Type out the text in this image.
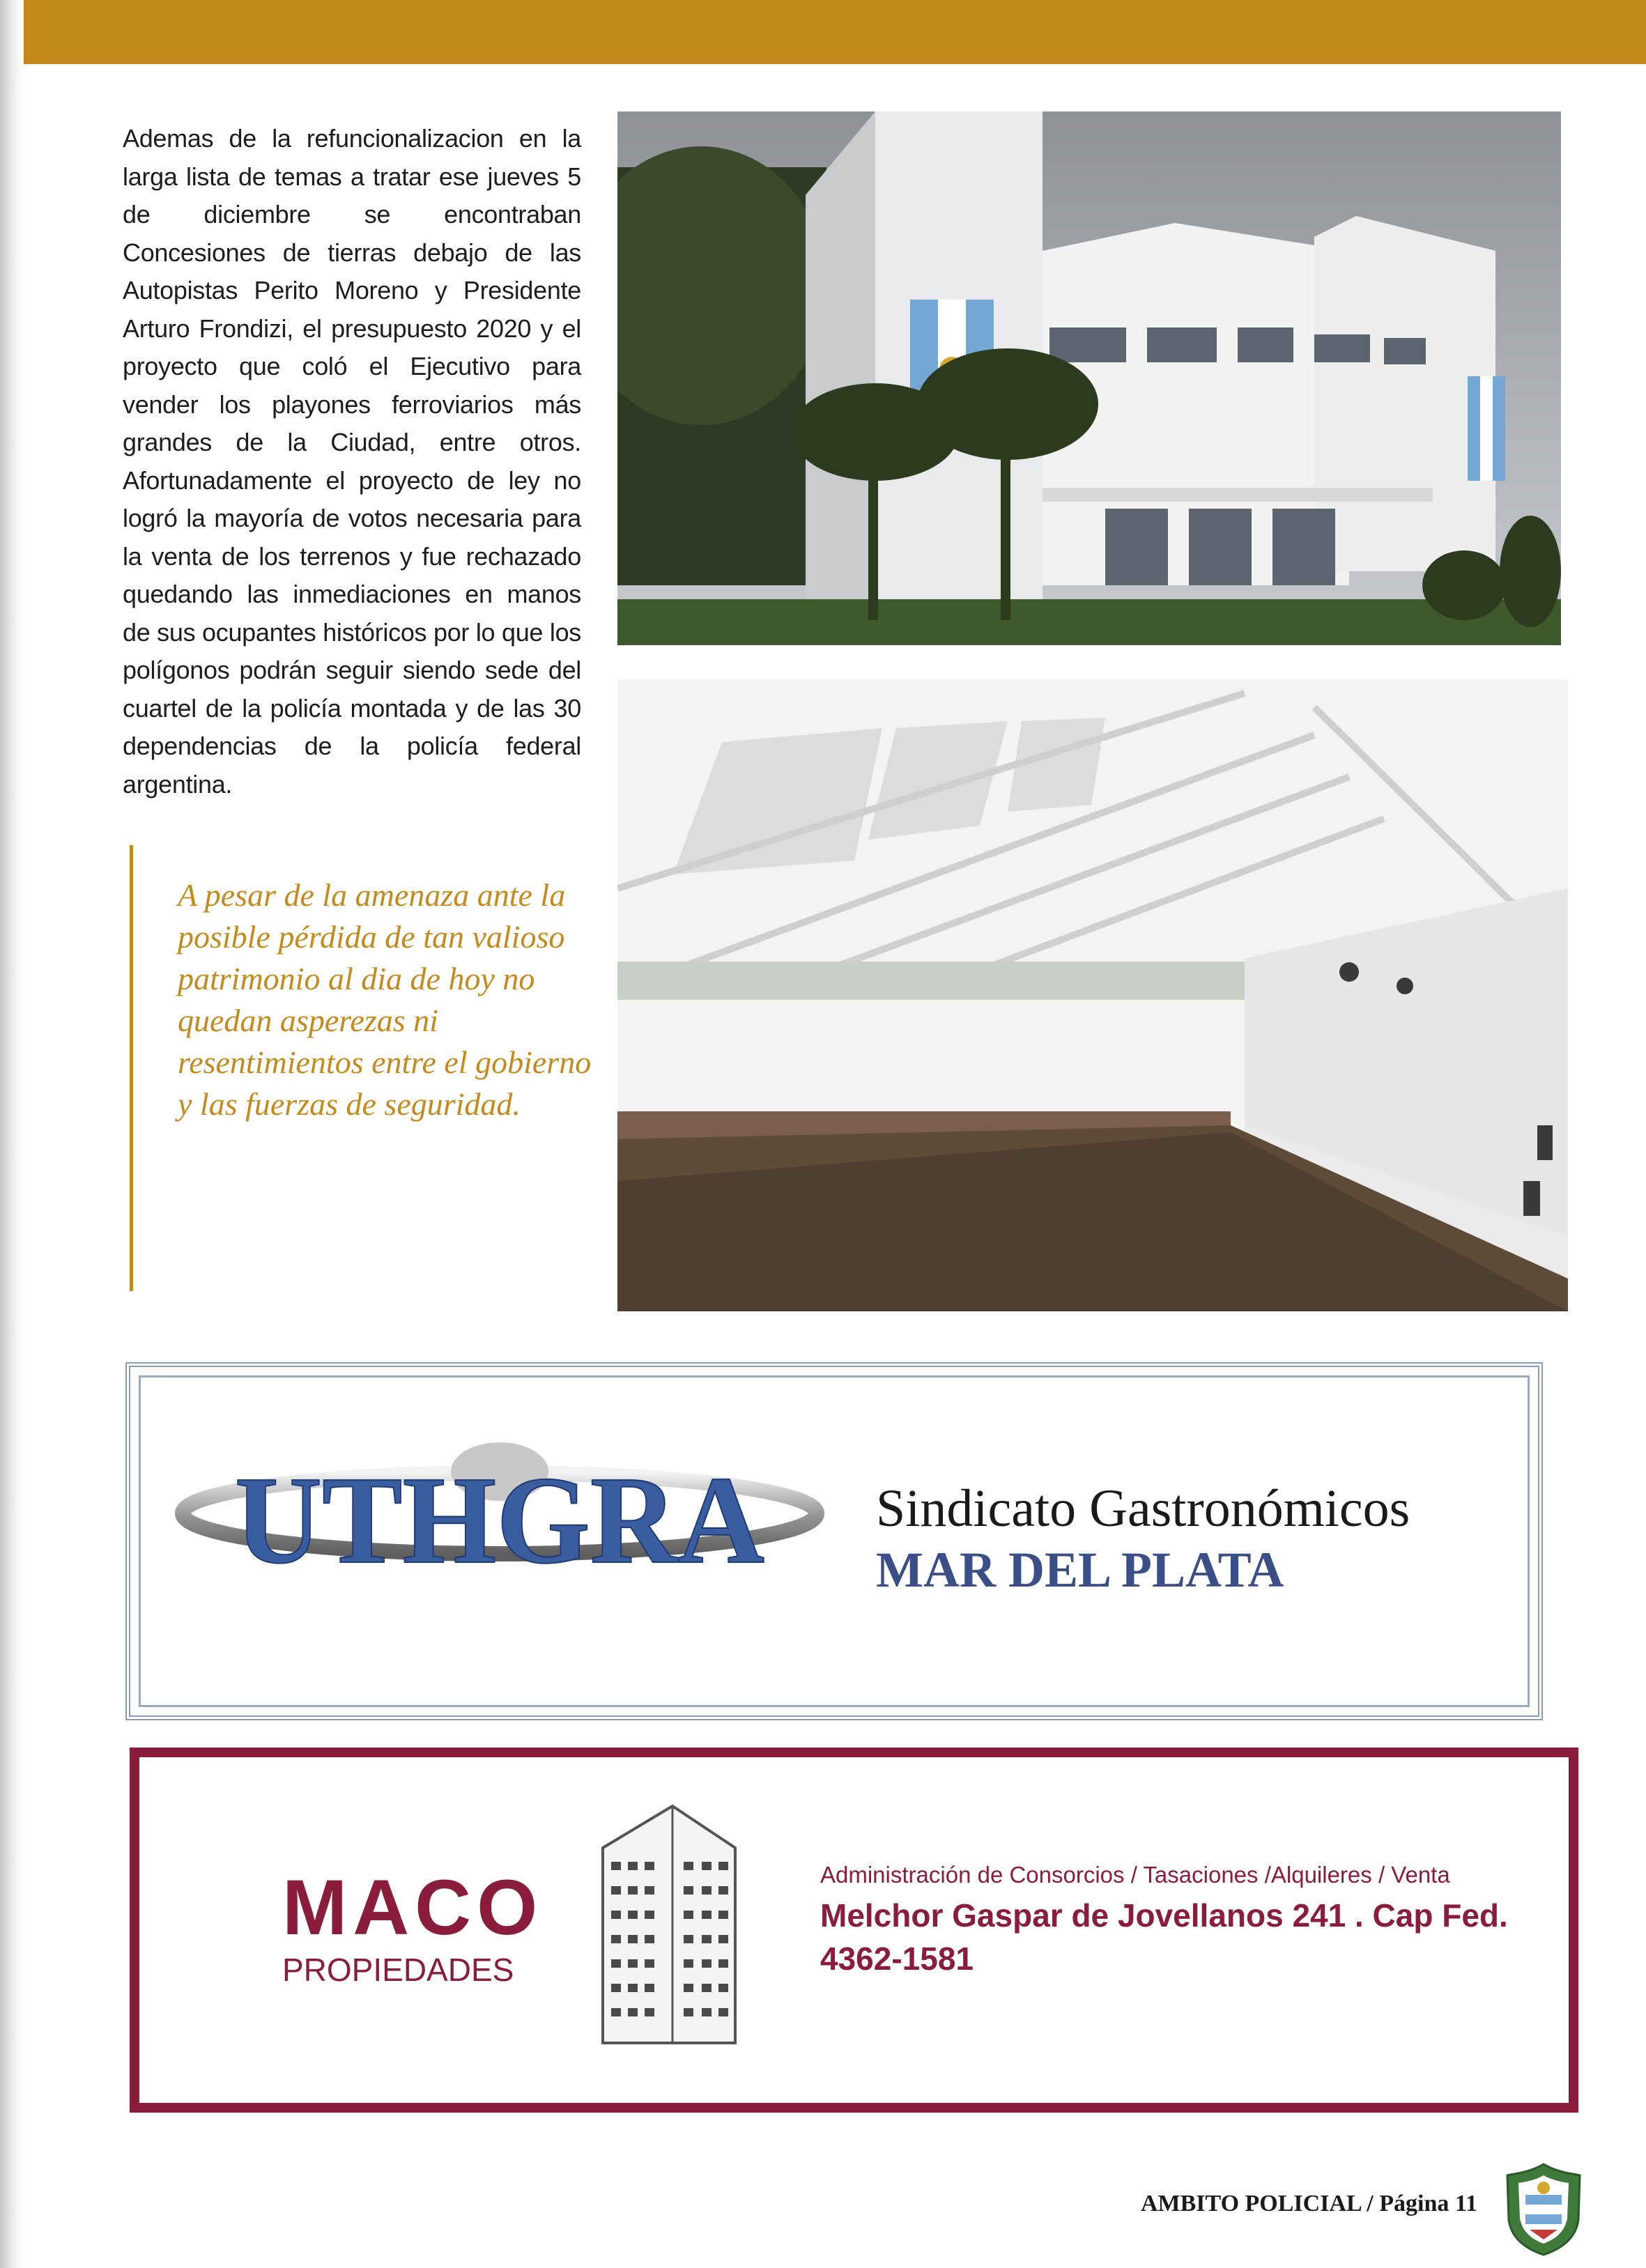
Ademas de la refuncionalizacion en la larga lista de temas a tratar ese jueves 5 de diciembre se encontraban Concesiones de tierras debajo de las Autopistas Perito Moreno y Presidente Arturo Frondizi, el presupuesto 2020 y el proyecto que coló el Ejecutivo para vender los playones ferroviarios más grandes de la Ciudad, entre otros. Afortunadamente el proyecto de ley no logró la mayoría de votos necesaria para la venta de los terrenos y fue rechazado quedando las inmediaciones en manos de sus ocupantes históricos por lo que los polígonos podrán seguir siendo sede del cuartel de la policía montada y de las 30 dependencias de la policía federal argentina.

A pesar de la amenaza ante la posible pérdida de tan valioso patrimonio al dia de hoy no quedan asperezas ni resentimientos entre el gobierno y las fuerzas de seguridad.

UTHGRA Sindicato Gastronómicos
MAR DEL PLATA
MACO
PROPIEDADES
Administración de Consorcios / Tasaciones /Alquileres / Venta
Melchor Gaspar de Jovellanos 241 . Cap Fed.
4362-1581
AMBITO POLICIAL / Página 11
